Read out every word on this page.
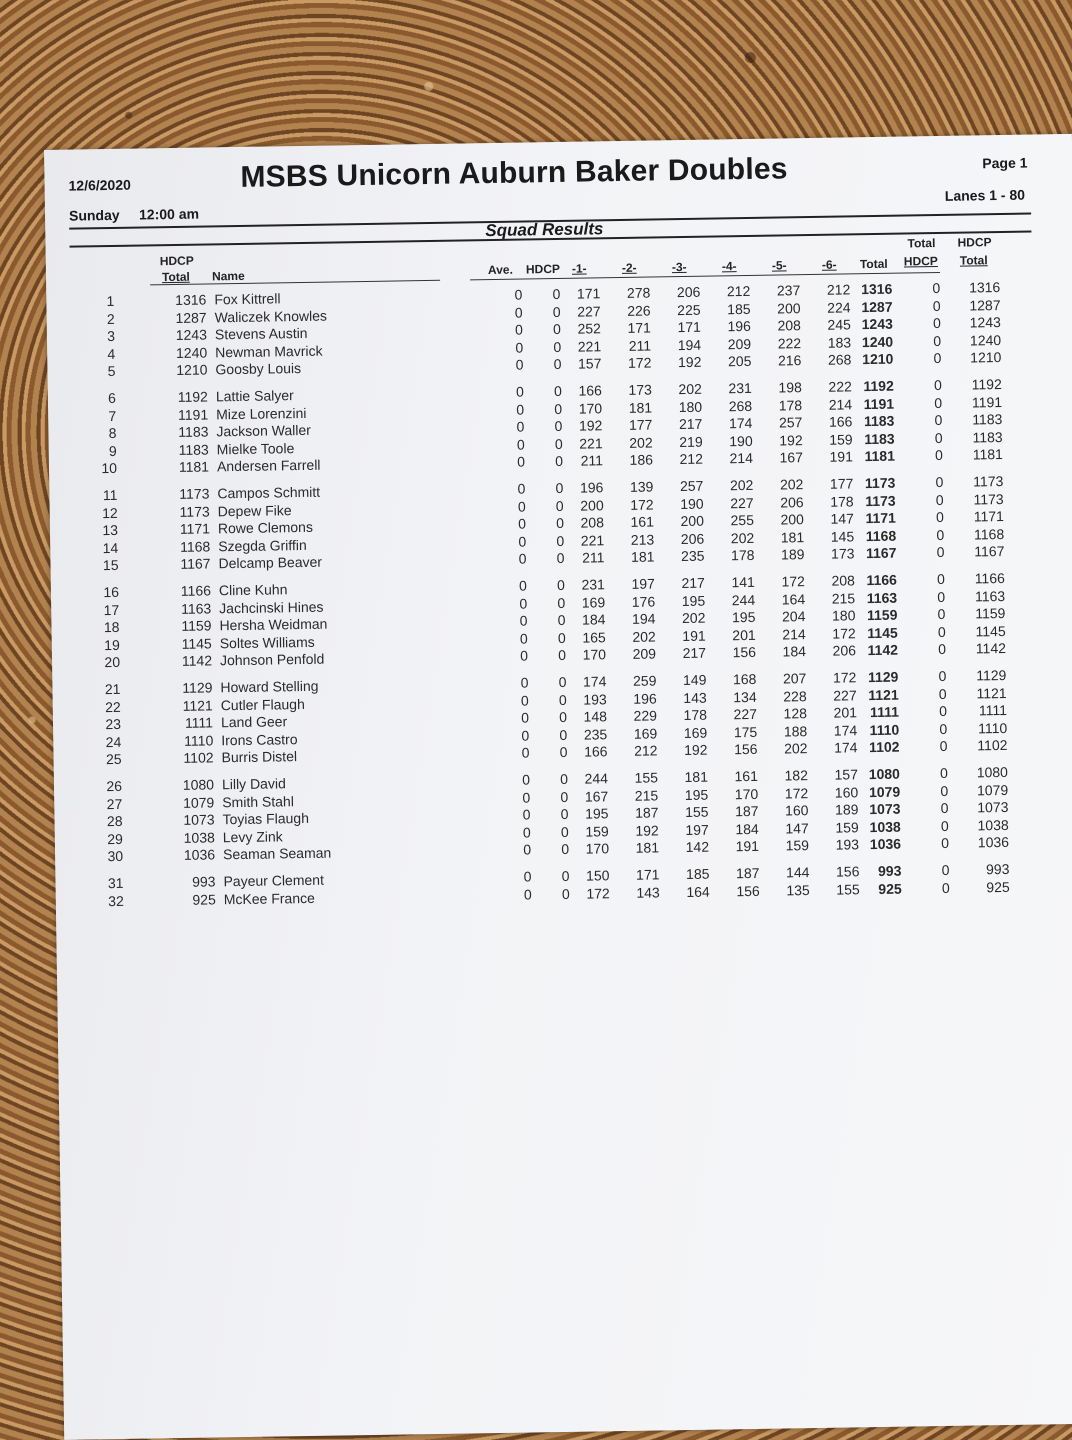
12/6/2020	MSBS Unicorn Auburn Baker Doubles	Page 1
Sunday 12:00 am
Lanes 1 - 80
Squad Results
HDCP
Total Name	Ave. HDCP -1-	-2-	-3-	-4-	-5-	-6- Total
Total
HDCP
HDCP
Total
1	1316 Fox Kittrell	0 0 171 278 206 212 237 212 1316	0 1316
2	1287 Waliczek Knowles	0 0 227 226 225 185 200 224 1287	0 1287
3	1243 Stevens Austin	0 0 252 171 171 196 208 245 1243	0 1243
4	1240 Newman Mavrick	0 0 221 211 194 209 222 183 1240	0 1240
5	1210 Goosby Louis	0 0 157 172 192 205 216 268 1210	0 1210
6	1192 Lattie Salyer	0 0 166 173 202 231 198 222 1192	0 1192
7	1191 Mize Lorenzini	0 0 170 181 180 268 178 214 1191	0 1191
8	1183 Jackson Waller	0 0 192 177 217 174 257 166 1183	0 1183
9	1183 Mielke Toole	0 0 221 202 219 190 192 159 1183	0 1183
10	1181 Andersen Farrell	0 0 211 186 212 214 167 191 1181	0 1181
11	1173 Campos Schmitt	0 0 196 139 257 202 202 177 1173	0 1173
12	1173 Depew Fike	0 0 200 172 190 227 206 178 1173	0 1173
13	1171 Rowe Clemons	0 0 208 161 200 255 200 147 1171	0 1171
14	1168 Szegda Griffin	0 0 221 213 206 202 181 145 1168	0 1168
15	1167 Delcamp Beaver	0 0 211 181 235 178 189 173 1167	0 1167
16	1166 Cline Kuhn	0 0 231 197 217 141 172 208 1166	0 1166
17	1163 Jachcinski Hines	0 0 169 176 195 244 164 215 1163	0 1163
18	1159 Hersha Weidman	0 0 184 194 202 195 204 180 1159	0 1159
19	1145 Soltes Williams	0 0 165 202 191 201 214 172 1145	0 1145
20	1142 Johnson Penfold	0 0 170 209 217 156 184 206 1142	0 1142
21	1129 Howard Stelling	0 0 174 259 149 168 207 172 1129	0 1129
22	1121 Cutler Flaugh	0 0 193 196 143 134 228 227 1121	0 1121
23	1111 Land Geer	0 0 148 229 178 227 128 201 1111	0 1111
24	1110 Irons Castro	0 0 235 169 169 175 188 174 1110	0 1110
25	1102 Burris Distel	0 0 166 212 192 156 202 174 1102	0 1102
26	1080 Lilly David	0 0 244 155 181 161 182 157 1080	0 1080
27	1079 Smith Stahl	0 0 167 215 195 170 172 160 1079	0 1079
28	1073 Toyias Flaugh	0 0 195 187 155 187 160 189 1073	0 1073
29	1038 Levy Zink	0 0 159 192 197 184 147 159 1038	0 1038
30	1036 Seaman Seaman	0 0 170 181 142 191 159 193 1036	0 1036
31	993 Payeur Clement	0 0 150 171 185 187 144 156 993	0	993
32	925 McKee France	0 0 172 143 164 156 135 155 925	0	925
